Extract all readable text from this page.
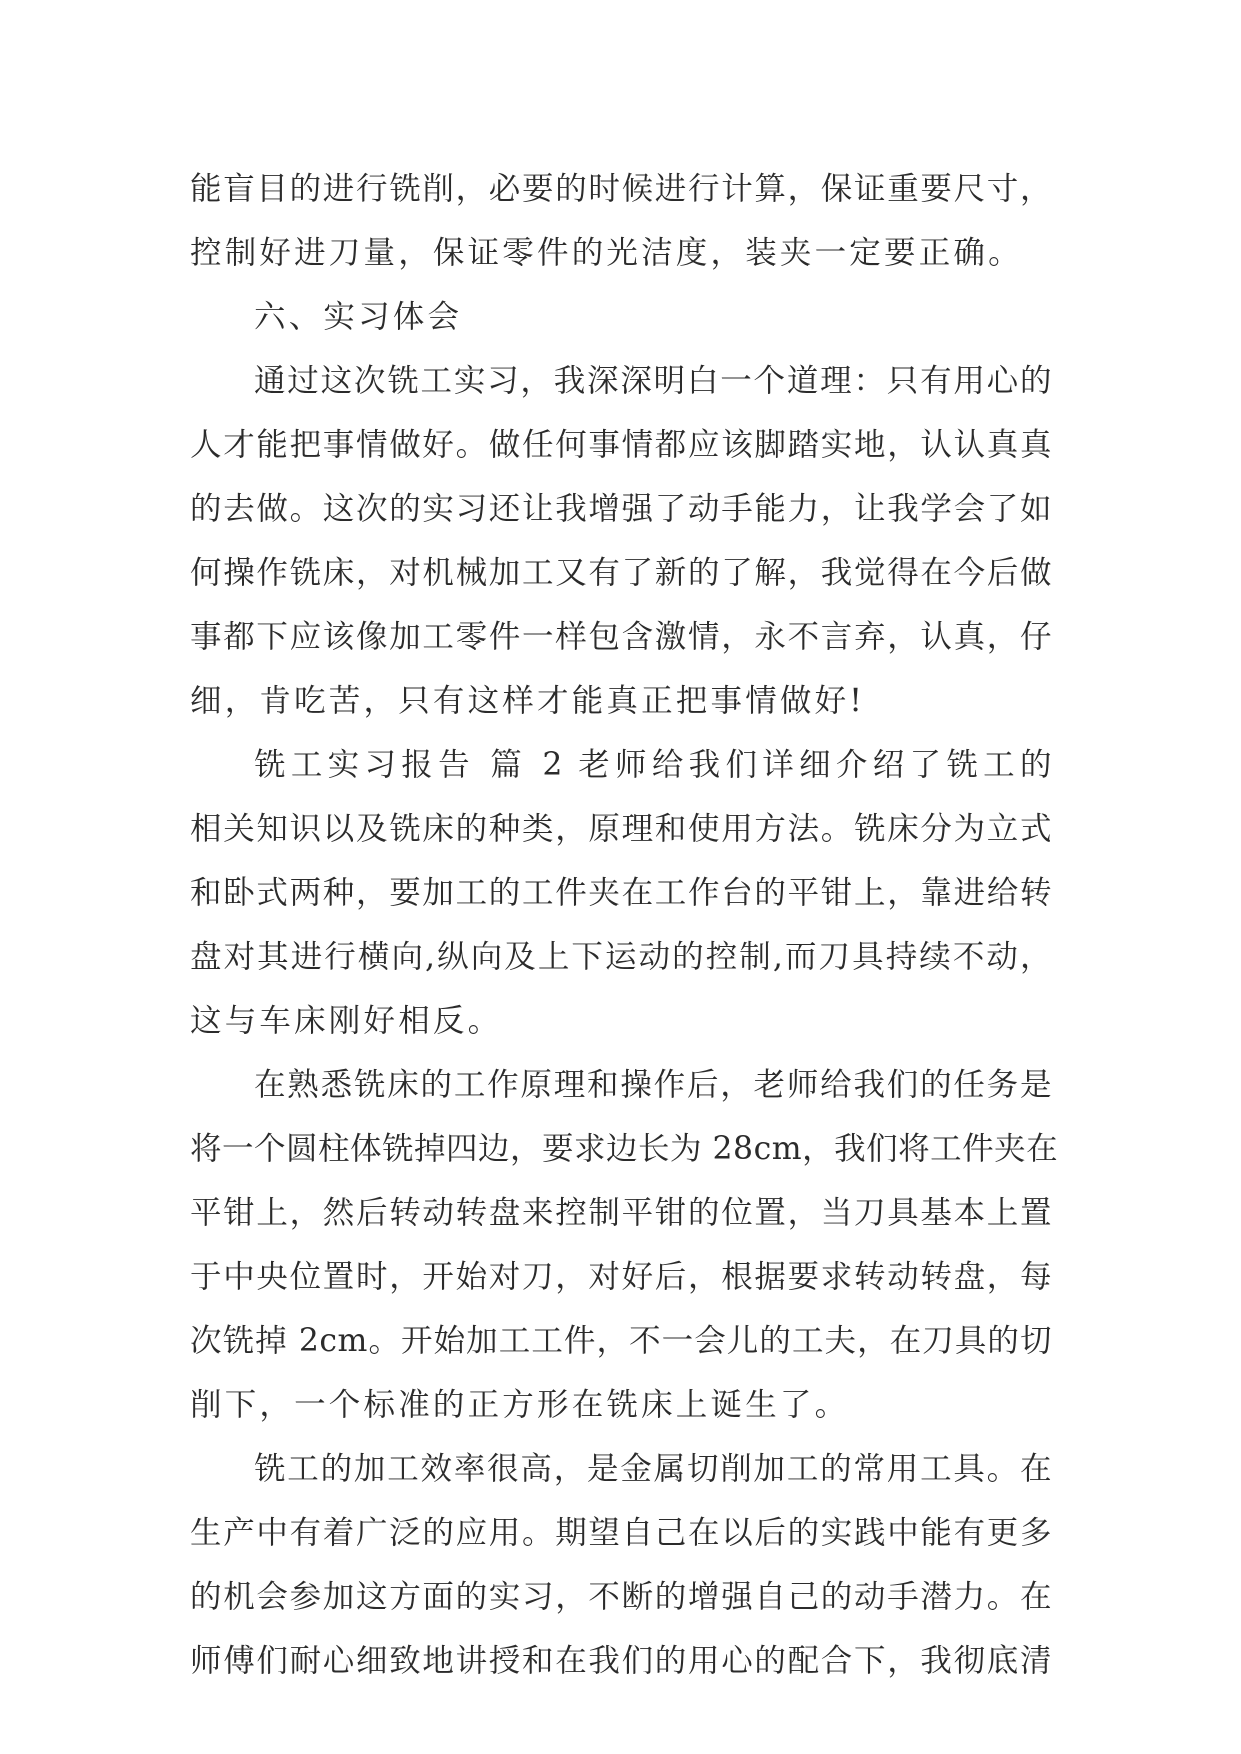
能盲目的进行铣削，必要的时候进行计算，保证重要尺寸，
控制好进刀量，保证零件的光洁度，装夹一定要正确。
六、实习体会
通过这次铣工实习，我深深明白一个道理：只有用心的
人才能把事情做好。做任何事情都应该脚踏实地，认认真真
的去做。这次的实习还让我增强了动手能力，让我学会了如
何操作铣床，对机械加工又有了新的了解，我觉得在今后做
事都下应该像加工零件一样包含激情，永不言弃，认真，仔
细，肯吃苦，只有这样才能真正把事情做好!
铣工实习报告 篇 2 老师给我们详细介绍了铣工的
相关知识以及铣床的种类，原理和使用方法。铣床分为立式
和卧式两种，要加工的工件夹在工作台的平钳上，靠进给转
盘对其进行横向,纵向及上下运动的控制,而刀具持续不动，
这与车床刚好相反。
在熟悉铣床的工作原理和操作后，老师给我们的任务是
将一个圆柱体铣掉四边，要求边长为 28cm，我们将工件夹在
平钳上，然后转动转盘来控制平钳的位置，当刀具基本上置
于中央位置时，开始对刀，对好后，根据要求转动转盘，每
次铣掉 2cm。开始加工工件，不一会儿的工夫，在刀具的切
削下，一个标准的正方形在铣床上诞生了。
铣工的加工效率很高，是金属切削加工的常用工具。在
生产中有着广泛的应用。期望自己在以后的实践中能有更多
的机会参加这方面的实习，不断的增强自己的动手潜力。在
师傅们耐心细致地讲授和在我们的用心的配合下，我彻底清
